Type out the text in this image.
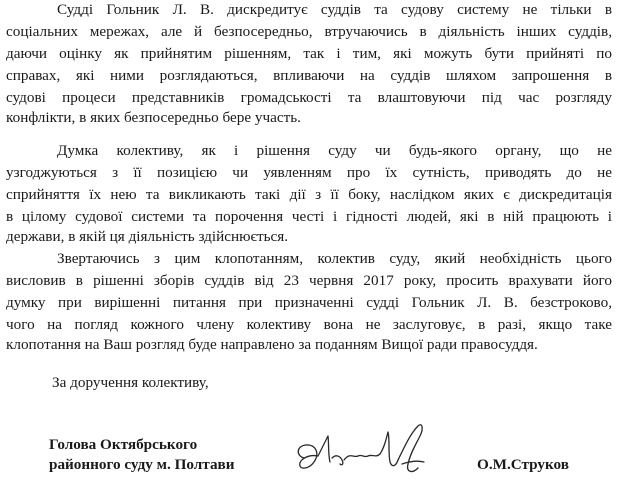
Судді Гольник Л. В. дискредитує суддів та судову систему не тільки в
соціальних мережах, але й безпосередньо, втручаючись в діяльність інших суддів,
даючи оцінку як прийнятим рішенням, так і тим, які можуть бути прийняті по
справах, які ними розглядаються, впливаючи на суддів шляхом запрошення в
судові процеси представників громадськості та влаштовуючи під час розгляду
конфлікти, в яких безпосередньо бере участь.
Думка колективу, як і рішення суду чи будь-якого органу, що не
узгоджуються з її позицією чи уявленням про їх сутність, приводять до не
сприйняття їх нею та викликають такі дії з її боку, наслідком яких є дискредитація
в цілому судової системи та порочення честі і гідності людей, які в ній працюють і
держави, в якій ця діяльність здійснюється.
Звертаючись з цим клопотанням, колектив суду, який необхідність цього
висловив в рішенні зборів суддів від 23 червня 2017 року, просить врахувати його
думку при вирішенні питання при призначенні судді Гольник Л. В. безстроково,
чого на погляд кожного члену колективу вона не заслуговує, в разі, якщо таке
клопотання на Ваш розгляд буде направлено за поданням Вищої ради правосуддя.
За доручення колективу,
Голова Октябрського
районного суду м. Полтави	О.М.Струков
